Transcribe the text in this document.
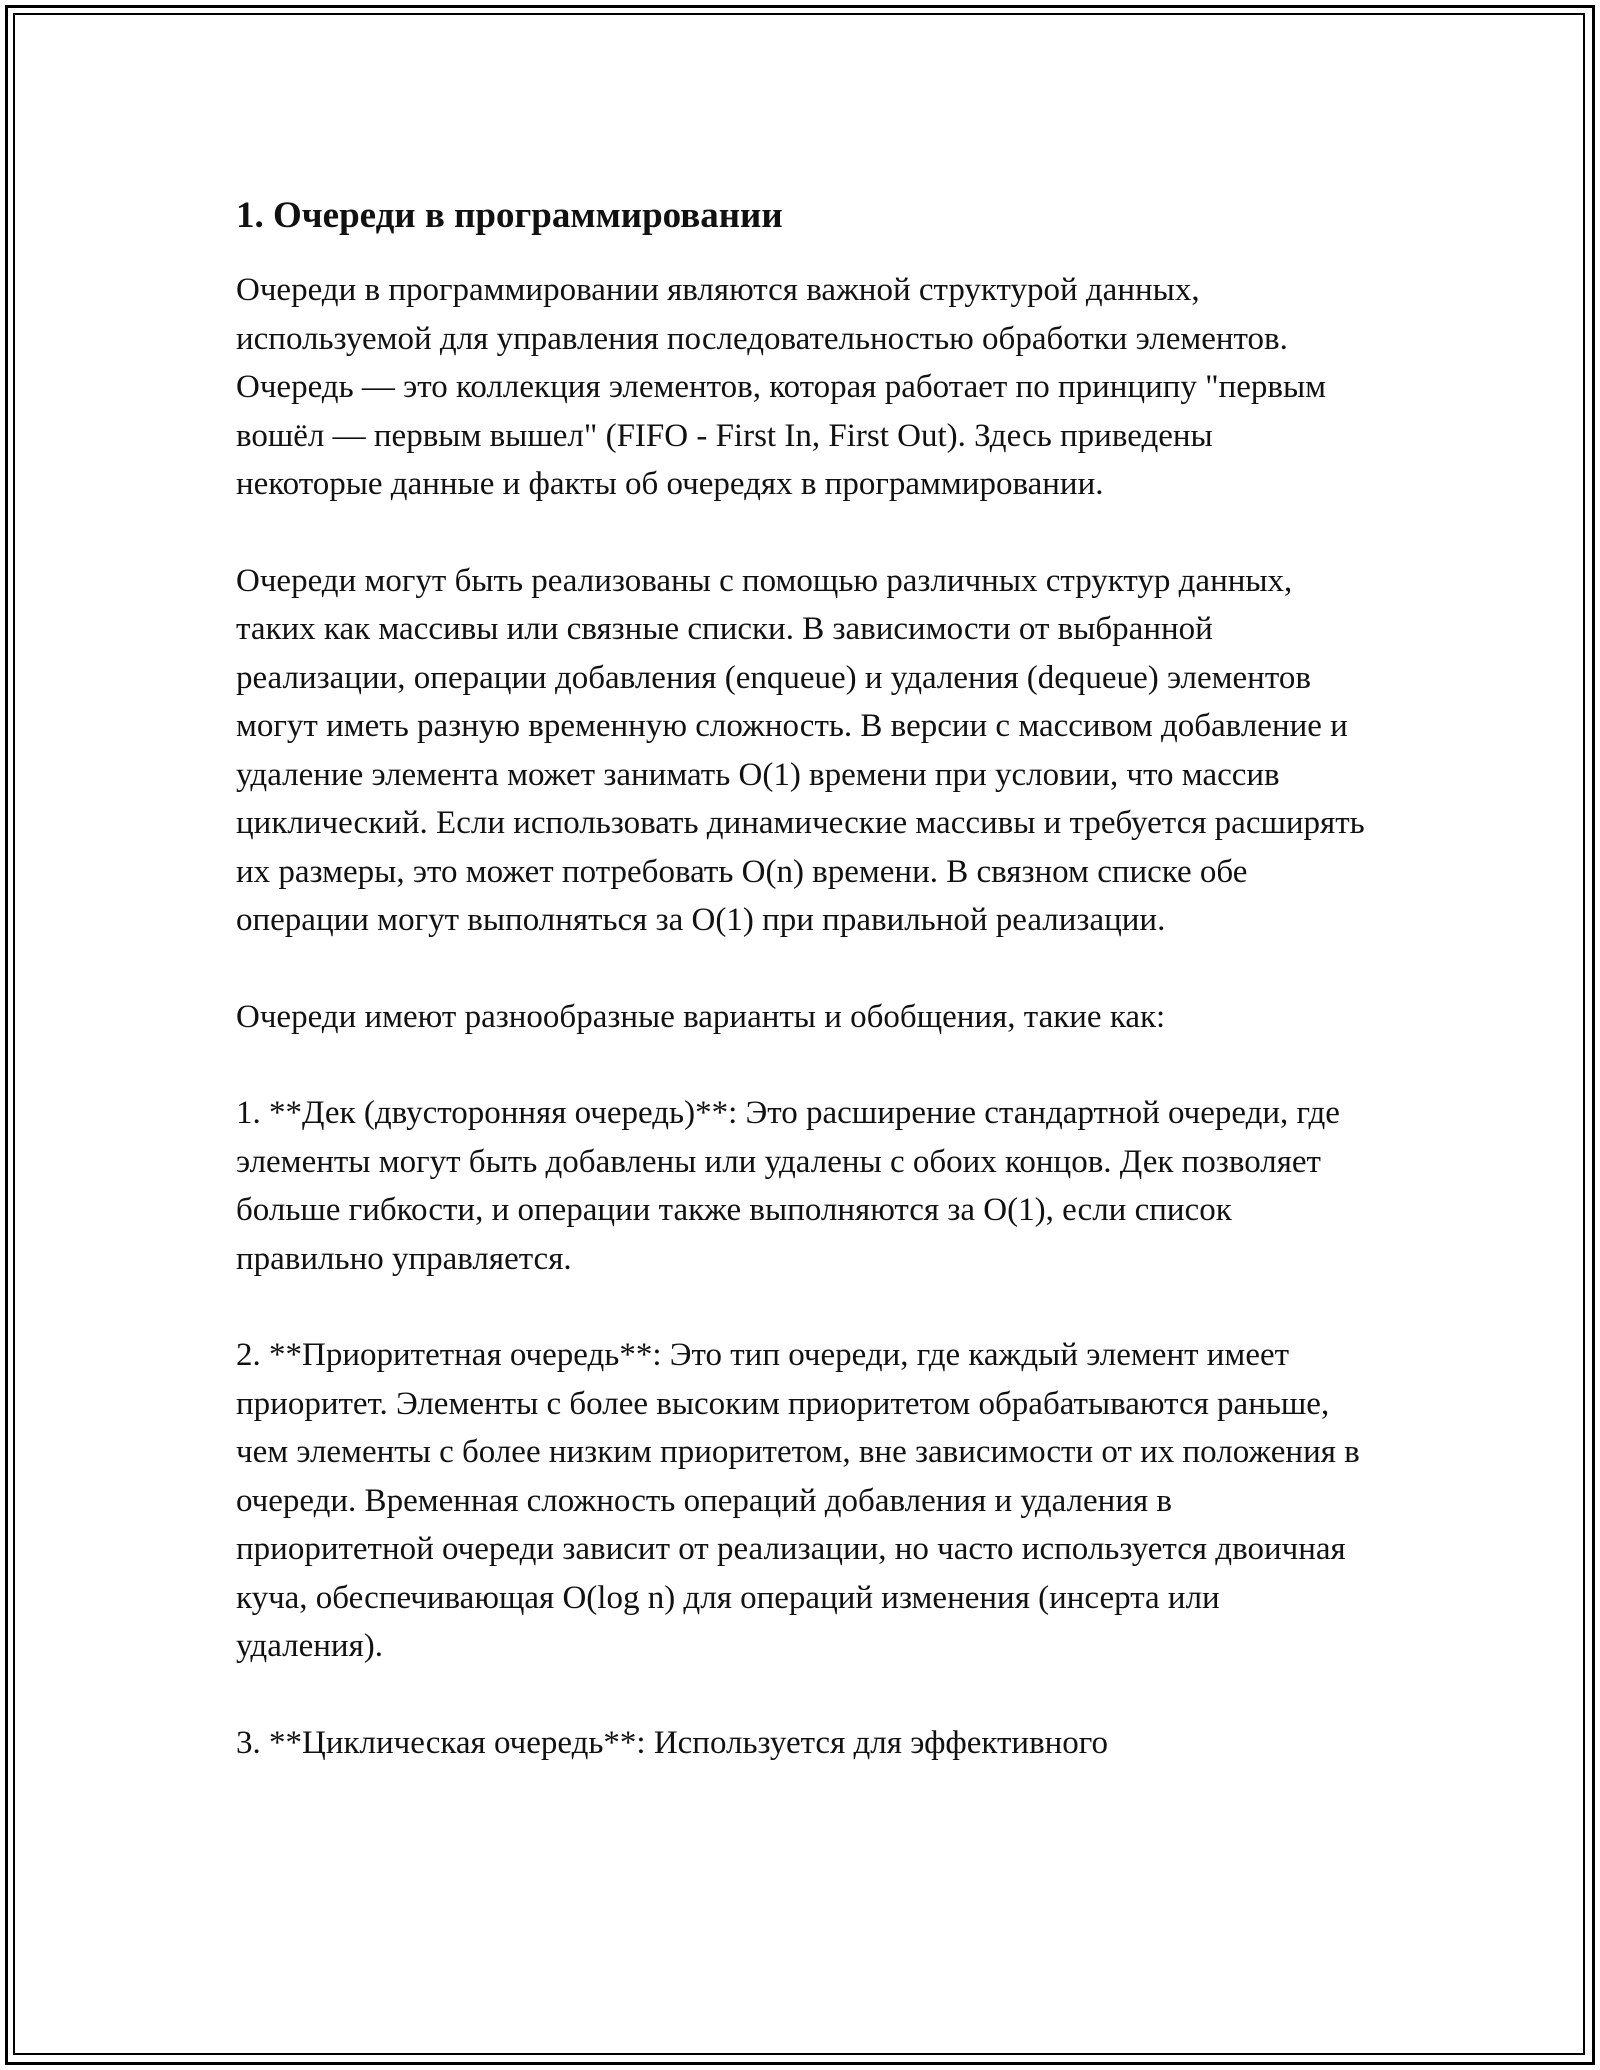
1. Очереди в программировании

Очереди в программировании являются важной структурой данных, используемой для управления последовательностью обработки элементов. Очередь — это коллекция элементов, которая работает по принципу "первым вошёл — первым вышел" (FIFO - First In, First Out). Здесь приведены некоторые данные и факты об очередях в программировании.

Очереди могут быть реализованы с помощью различных структур данных, таких как массивы или связные списки. В зависимости от выбранной реализации, операции добавления (enqueue) и удаления (dequeue) элементов могут иметь разную временную сложность. В версии с массивом добавление и удаление элемента может занимать O(1) времени при условии, что массив циклический. Если использовать динамические массивы и требуется расширять их размеры, это может потребовать O(n) времени. В связном списке обе операции могут выполняться за O(1) при правильной реализации.

Очереди имеют разнообразные варианты и обобщения, такие как:

1. **Дек (двусторонняя очередь)**: Это расширение стандартной очереди, где элементы могут быть добавлены или удалены с обоих концов. Дек позволяет больше гибкости, и операции также выполняются за O(1), если список правильно управляется.

2. **Приоритетная очередь**: Это тип очереди, где каждый элемент имеет приоритет. Элементы с более высоким приоритетом обрабатываются раньше, чем элементы с более низким приоритетом, вне зависимости от их положения в очереди. Временная сложность операций добавления и удаления в приоритетной очереди зависит от реализации, но часто используется двоичная куча, обеспечивающая O(log n) для операций изменения (инсерта или удаления).

3. **Циклическая очередь**: Используется для эффективного
